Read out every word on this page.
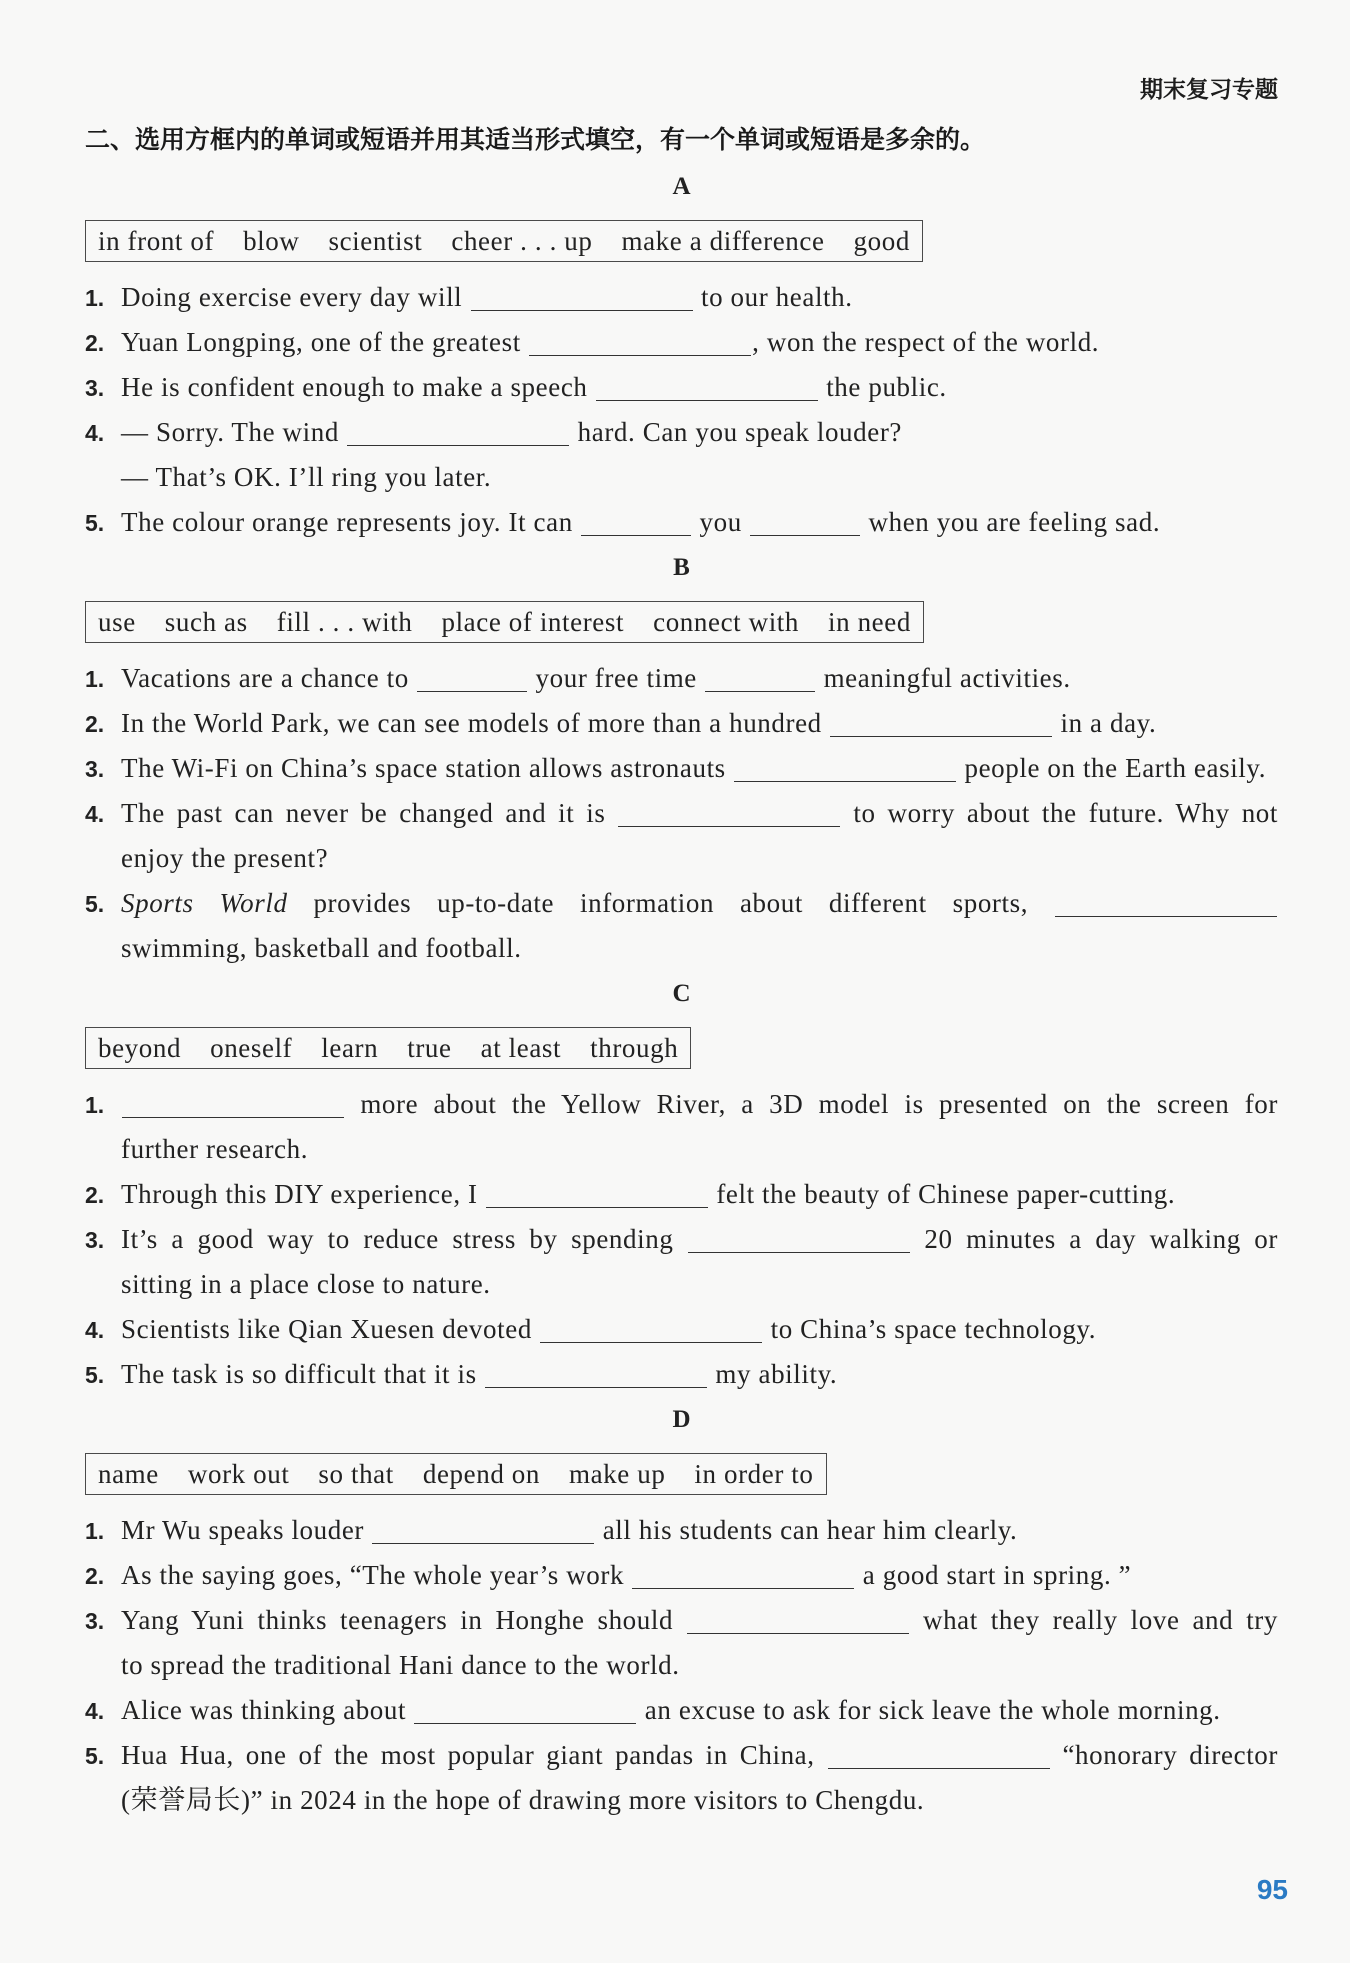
期末复习专题
二、选用方框内的单词或短语并用其适当形式填空，有一个单词或短语是多余的。
A
in front of blow scientist cheer . . . up make a difference good
1. Doing exercise every day will	to our health.
2. Yuan Longping, one of the greatest	, won the respect of the world.
3. He is confident enough to make a speech	the public.
4. — Sorry. The wind	hard. Can you speak louder?
— That’s OK. I’ll ring you later.
5. The colour orange represents joy. It can	you	when you are feeling sad.
B
use such as fill . . . with place of interest connect with in need
1. Vacations are a chance to	your free time	meaningful activities.
2. In the World Park, we can see models of more than a hundred	in a day.
3. The Wi-Fi on China’s space station allows astronauts	people on the Earth easily.
4. The past can never be changed and it is	to worry about the future. Why not
enjoy the present?
5. Sports World provides up-to-date information about different sports,
swimming, basketball and football.
C
beyond oneself learn true at least through
1.	more about the Yellow River, a 3D model is presented on the screen for
further research.
2. Through this DIY experience, I	felt the beauty of Chinese paper-cutting.
3. It’s a good way to reduce stress by spending	20 minutes a day walking or
sitting in a place close to nature.
4. Scientists like Qian Xuesen devoted	to China’s space technology.
5. The task is so difficult that it is	my ability.
D
name work out so that depend on make up in order to
1. Mr Wu speaks louder	all his students can hear him clearly.
2. As the saying goes, “The whole year’s work	a good start in spring. ”
3. Yang Yuni thinks teenagers in Honghe should	what they really love and try
to spread the traditional Hani dance to the world.
4. Alice was thinking about	an excuse to ask for sick leave the whole morning.
5. Hua Hua, one of the most popular giant pandas in China,	“honorary director
(荣誉局长)” in 2024 in the hope of drawing more visitors to Chengdu.
95
